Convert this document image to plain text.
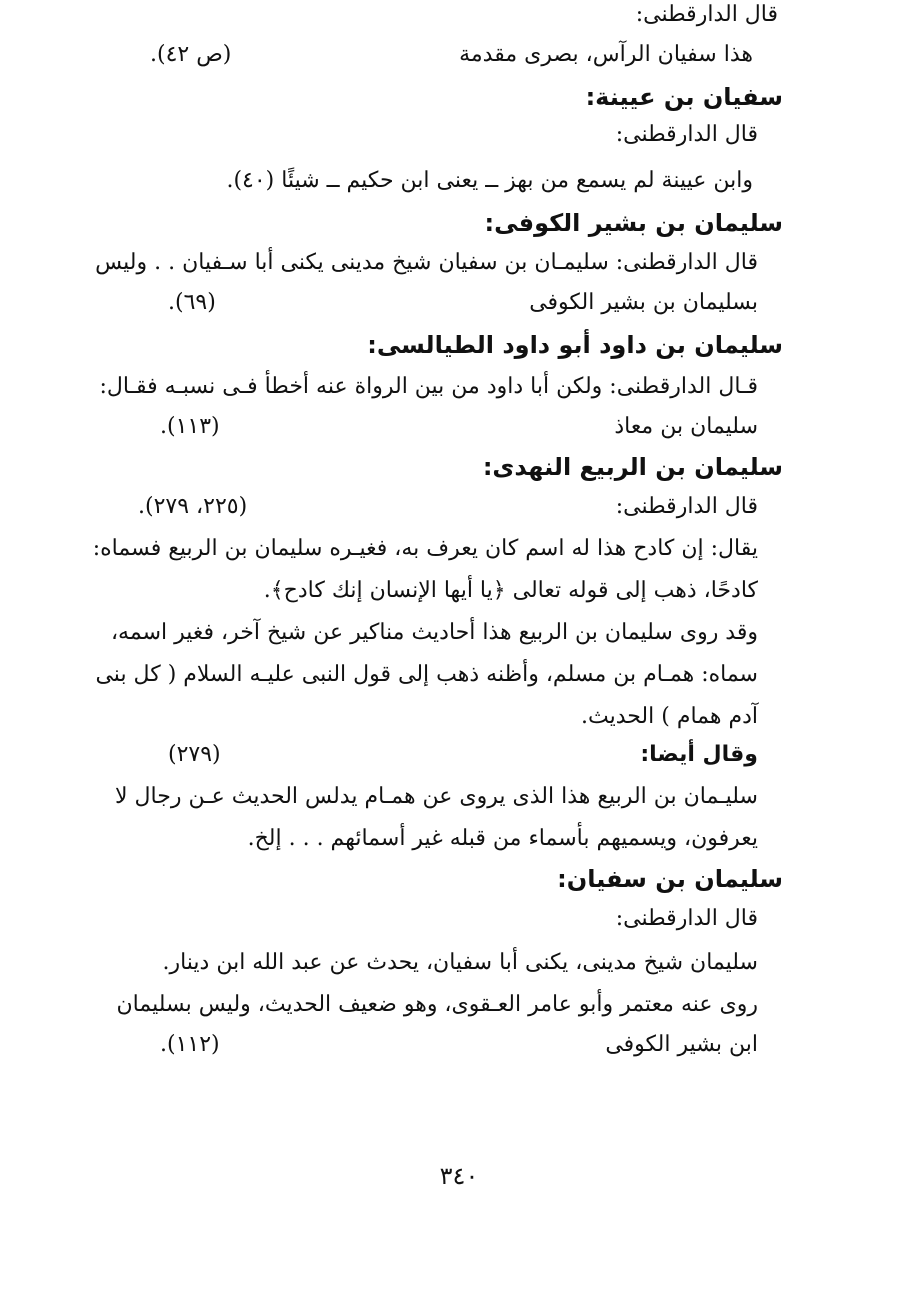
قال الدارقطنى:
هذا سفيان الرآس، بصرى مقدمة
(ص ٤٢).
سفيان بن عيينة:
قال الدارقطنى:
وابن عيينة لم يسمع من بهز ــ يعنى ابن حكيم ــ شيئًا (٤٠).
سليمان بن بشير الكوفى:
قال الدارقطنى: سليمـان بن سفيان شيخ مدينى يكنى أبا سـفيان . . وليس
بسليمان بن بشير الكوفى
(٦٩).
سليمان بن داود أبو داود الطيالسى:
قـال الدارقطنى: ولكن أبا داود من بين الرواة عنه أخطأ فـى نسبـه فقـال:
سليمان بن معاذ
(١١٣).
سليمان بن الربيع النهدى:
قال الدارقطنى:
(٢٢٥، ٢٧٩).
يقال: إن كادح هذا له اسم كان يعرف به، فغيـره سليمان بن الربيع فسماه:
كادحًا، ذهب إلى قوله تعالى ﴿يا أيها الإنسان إنك كادح﴾.
وقد روى سليمان بن الربيع هذا أحاديث مناكير عن شيخ آخر، فغير اسمه،
سماه: همـام بن مسلم، وأظنه ذهب إلى قول النبى عليـه السلام ( كل بنى
آدم همام ) الحديث.
وقال أيضا:
(٢٧٩)
سليـمان بن الربيع هذا الذى يروى عن همـام يدلس الحديث عـن رجال لا
يعرفون، ويسميهم بأسماء من قبله غير أسمائهم . . . إلخ.
سليمان بن سفيان:
قال الدارقطنى:
سليمان شيخ مدينى، يكنى أبا سفيان، يحدث عن عبد الله ابن دينار.
روى عنه معتمر وأبو عامر العـقوى، وهو ضعيف الحديث، وليس بسليمان
ابن بشير الكوفى
(١١٢).
٣٤٠
